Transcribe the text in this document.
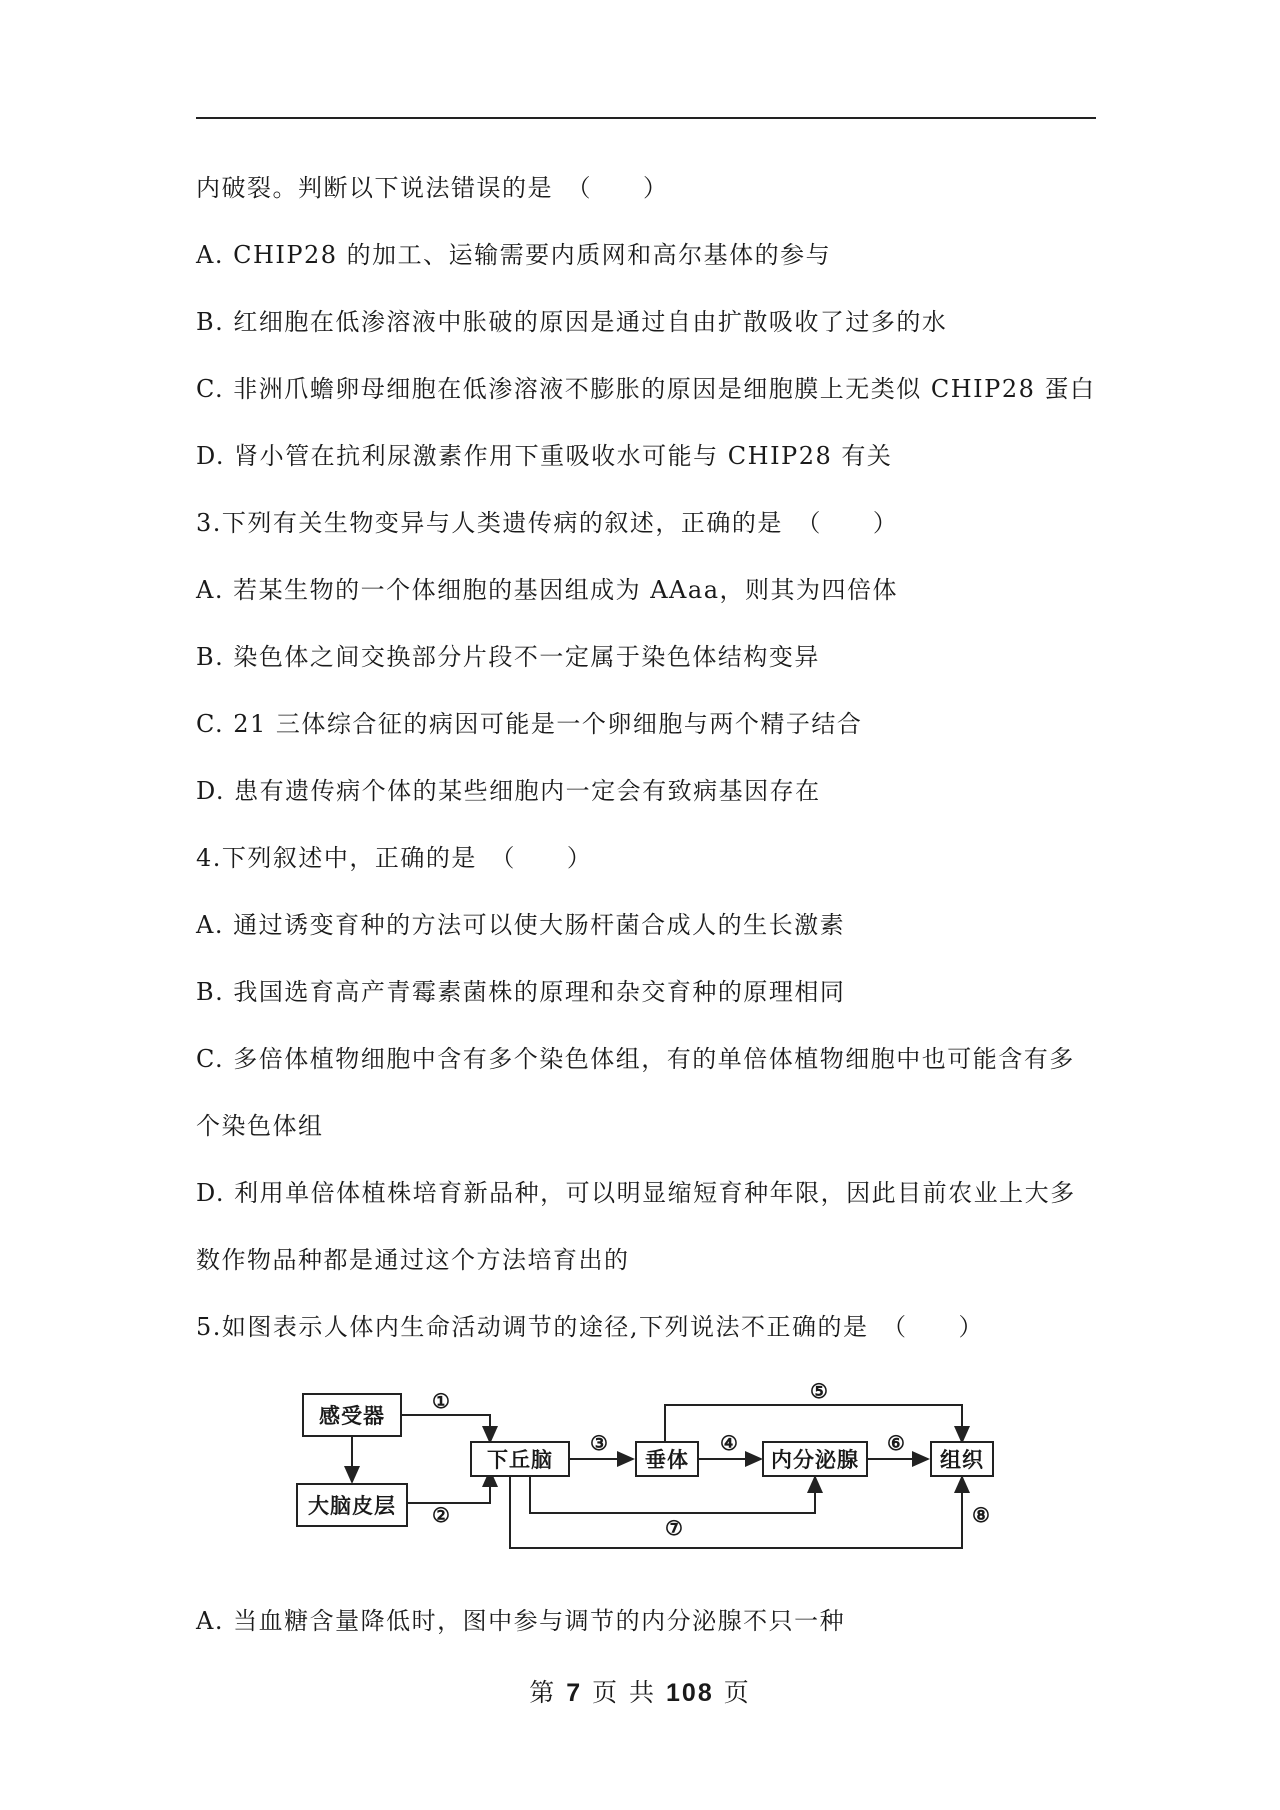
内破裂。判断以下说法错误的是　（　　）
A. CHIP28 的加工、运输需要内质网和高尔基体的参与
B. 红细胞在低渗溶液中胀破的原因是通过自由扩散吸收了过多的水
C. 非洲爪蟾卵母细胞在低渗溶液不膨胀的原因是细胞膜上无类似 CHIP28 蛋白
D. 肾小管在抗利尿激素作用下重吸收水可能与 CHIP28 有关
3.下列有关生物变异与人类遗传病的叙述，正确的是　（　　）
A. 若某生物的一个体细胞的基因组成为 AAaa，则其为四倍体
B. 染色体之间交换部分片段不一定属于染色体结构变异
C. 21 三体综合征的病因可能是一个卵细胞与两个精子结合
D. 患有遗传病个体的某些细胞内一定会有致病基因存在
4.下列叙述中，正确的是　（　　）
A. 通过诱变育种的方法可以使大肠杆菌合成人的生长激素
B. 我国选育高产青霉素菌株的原理和杂交育种的原理相同
C. 多倍体植物细胞中含有多个染色体组，有的单倍体植物细胞中也可能含有多
个染色体组
D. 利用单倍体植株培育新品种，可以明显缩短育种年限，因此目前农业上大多
数作物品种都是通过这个方法培育出的
5.如图表示人体内生命活动调节的途径,下列说法不正确的是　（　　）
感受器
大脑皮层
下丘脑	垂体	内分泌腺	组织
①
②
③	④
⑤
⑥
⑦
⑧
A. 当血糖含量降低时，图中参与调节的内分泌腺不只一种
第 7 页 共 108 页
